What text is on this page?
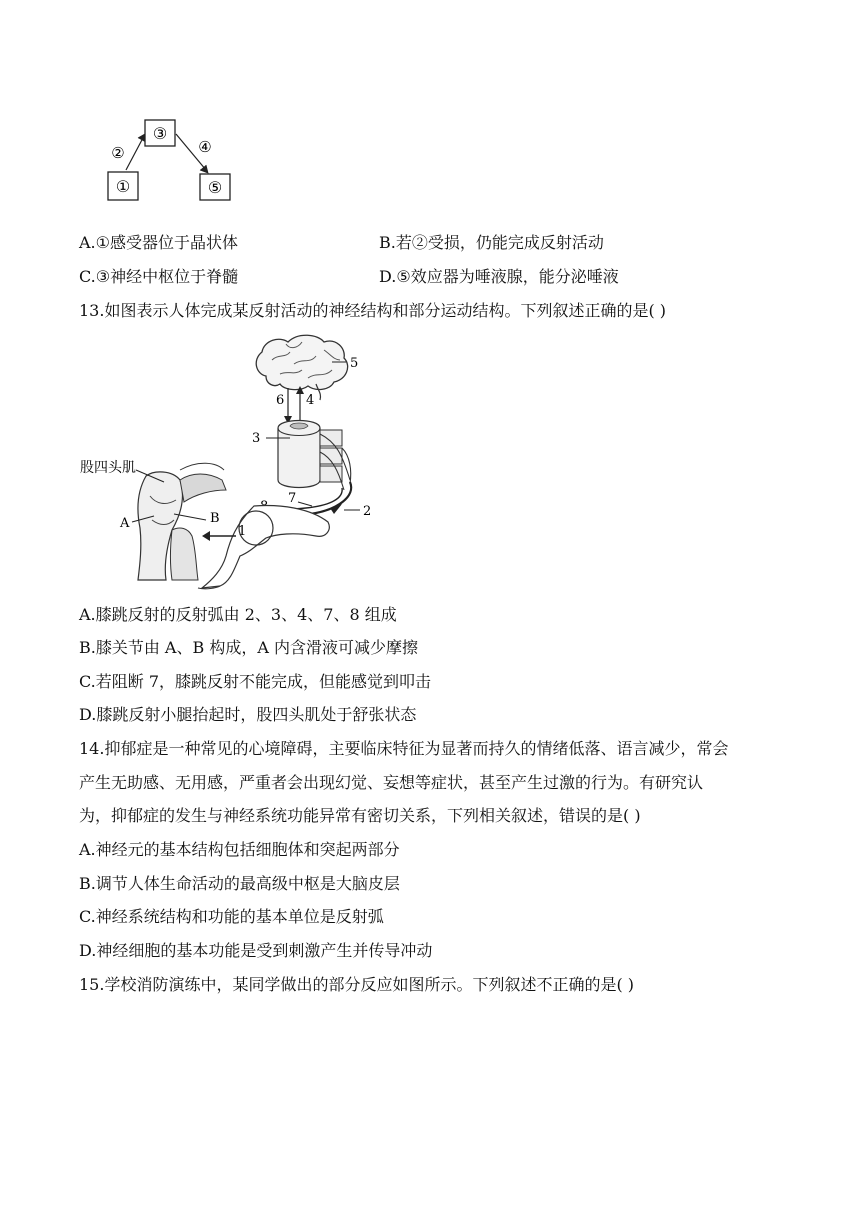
③
①	⑤
②	④
A.①感受器位于晶状体	B.若②受损，仍能完成反射活动
C.③神经中枢位于脊髓	D.⑤效应器为唾液腺，能分泌唾液
13.如图表示人体完成某反射活动的神经结构和部分运动结构。下列叙述正确的是( )
5
6 4
3
2
7
1
股四头肌
A	B
A.膝跳反射的反射弧由 2、3、4、7、8 组成
B.膝关节由 A、B 构成，A 内含滑液可减少摩擦
C.若阻断 7，膝跳反射不能完成，但能感觉到叩击
D.膝跳反射小腿抬起时，股四头肌处于舒张状态
14.抑郁症是一种常见的心境障碍，主要临床特征为显著而持久的情绪低落、语言减少，常会
产生无助感、无用感，严重者会出现幻觉、妄想等症状，甚至产生过激的行为。有研究认
为，抑郁症的发生与神经系统功能异常有密切关系，下列相关叙述，错误的是( )
A.神经元的基本结构包括细胞体和突起两部分
B.调节人体生命活动的最高级中枢是大脑皮层
C.神经系统结构和功能的基本单位是反射弧
D.神经细胞的基本功能是受到刺激产生并传导冲动
15.学校消防演练中，某同学做出的部分反应如图所示。下列叙述不正确的是( )
